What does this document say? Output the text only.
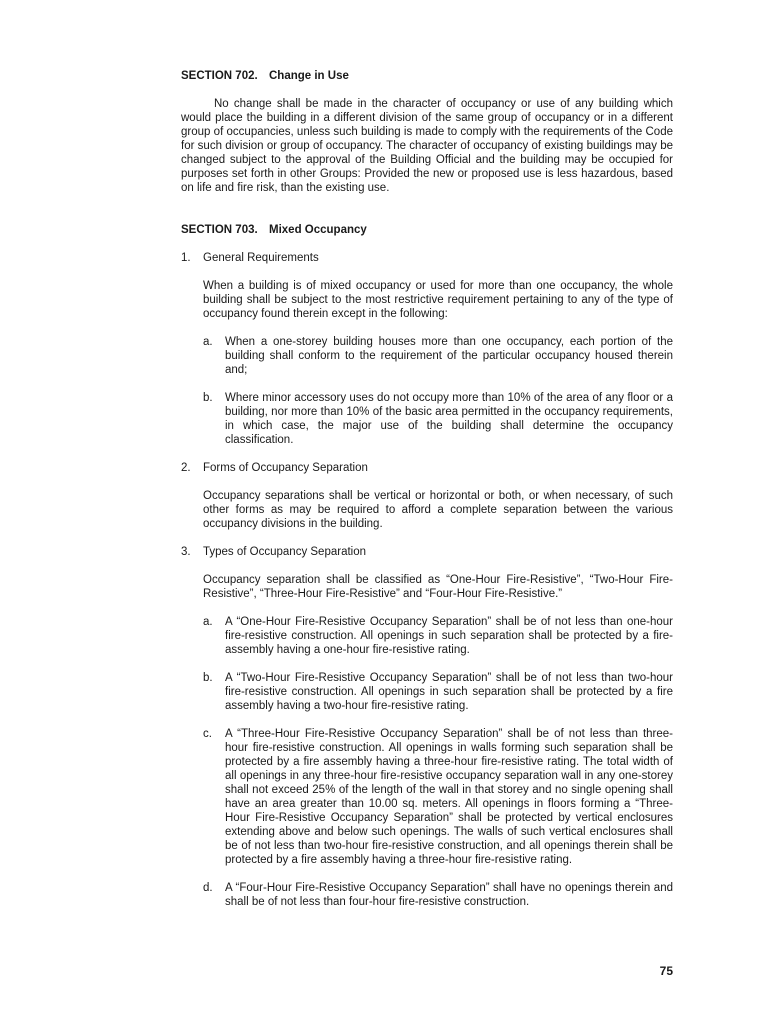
SECTION 702. Change in Use

No change shall be made in the character of occupancy or use of any building which would place the building in a different division of the same group of occupancy or in a different group of occupancies, unless such building is made to comply with the requirements of the Code for such division or group of occupancy. The character of occupancy of existing buildings may be changed subject to the approval of the Building Official and the building may be occupied for purposes set forth in other Groups: Provided the new or proposed use is less hazardous, based on life and fire risk, than the existing use.

SECTION 703. Mixed Occupancy

1.	General Requirements

When a building is of mixed occupancy or used for more than one occupancy, the whole building shall be subject to the most restrictive requirement pertaining to any of the type of occupancy found therein except in the following:

a.	When a one-storey building houses more than one occupancy, each portion of the building shall conform to the requirement of the particular occupancy housed therein and;
b.	Where minor accessory uses do not occupy more than 10% of the area of any floor or a building, nor more than 10% of the basic area permitted in the occupancy requirements, in which case, the major use of the building shall determine the occupancy classification.
2.	Forms of Occupancy Separation

Occupancy separations shall be vertical or horizontal or both, or when necessary, of such other forms as may be required to afford a complete separation between the various occupancy divisions in the building.

3.	Types of Occupancy Separation

Occupancy separation shall be classified as “One-Hour Fire-Resistive”, “Two-Hour Fire-Resistive”, “Three-Hour Fire-Resistive” and “Four-Hour Fire-Resistive.”

a.	A “One-Hour Fire-Resistive Occupancy Separation” shall be of not less than one-hour fire-resistive construction. All openings in such separation shall be protected by a fire-assembly having a one-hour fire-resistive rating.
b.	A “Two-Hour Fire-Resistive Occupancy Separation” shall be of not less than two-hour fire-resistive construction. All openings in such separation shall be protected by a fire assembly having a two-hour fire-resistive rating.
c.	A “Three-Hour Fire-Resistive Occupancy Separation” shall be of not less than three-hour fire-resistive construction. All openings in walls forming such separation shall be protected by a fire assembly having a three-hour fire-resistive rating. The total width of all openings in any three-hour fire-resistive occupancy separation wall in any one-storey shall not exceed 25% of the length of the wall in that storey and no single opening shall have an area greater than 10.00 sq. meters. All openings in floors forming a “Three-Hour Fire-Resistive Occupancy Separation” shall be protected by vertical enclosures extending above and below such openings. The walls of such vertical enclosures shall be of not less than two-hour fire-resistive construction, and all openings therein shall be protected by a fire assembly having a three-hour fire-resistive rating.
d.	A “Four-Hour Fire-Resistive Occupancy Separation” shall have no openings therein and shall be of not less than four-hour fire-resistive construction.
75
